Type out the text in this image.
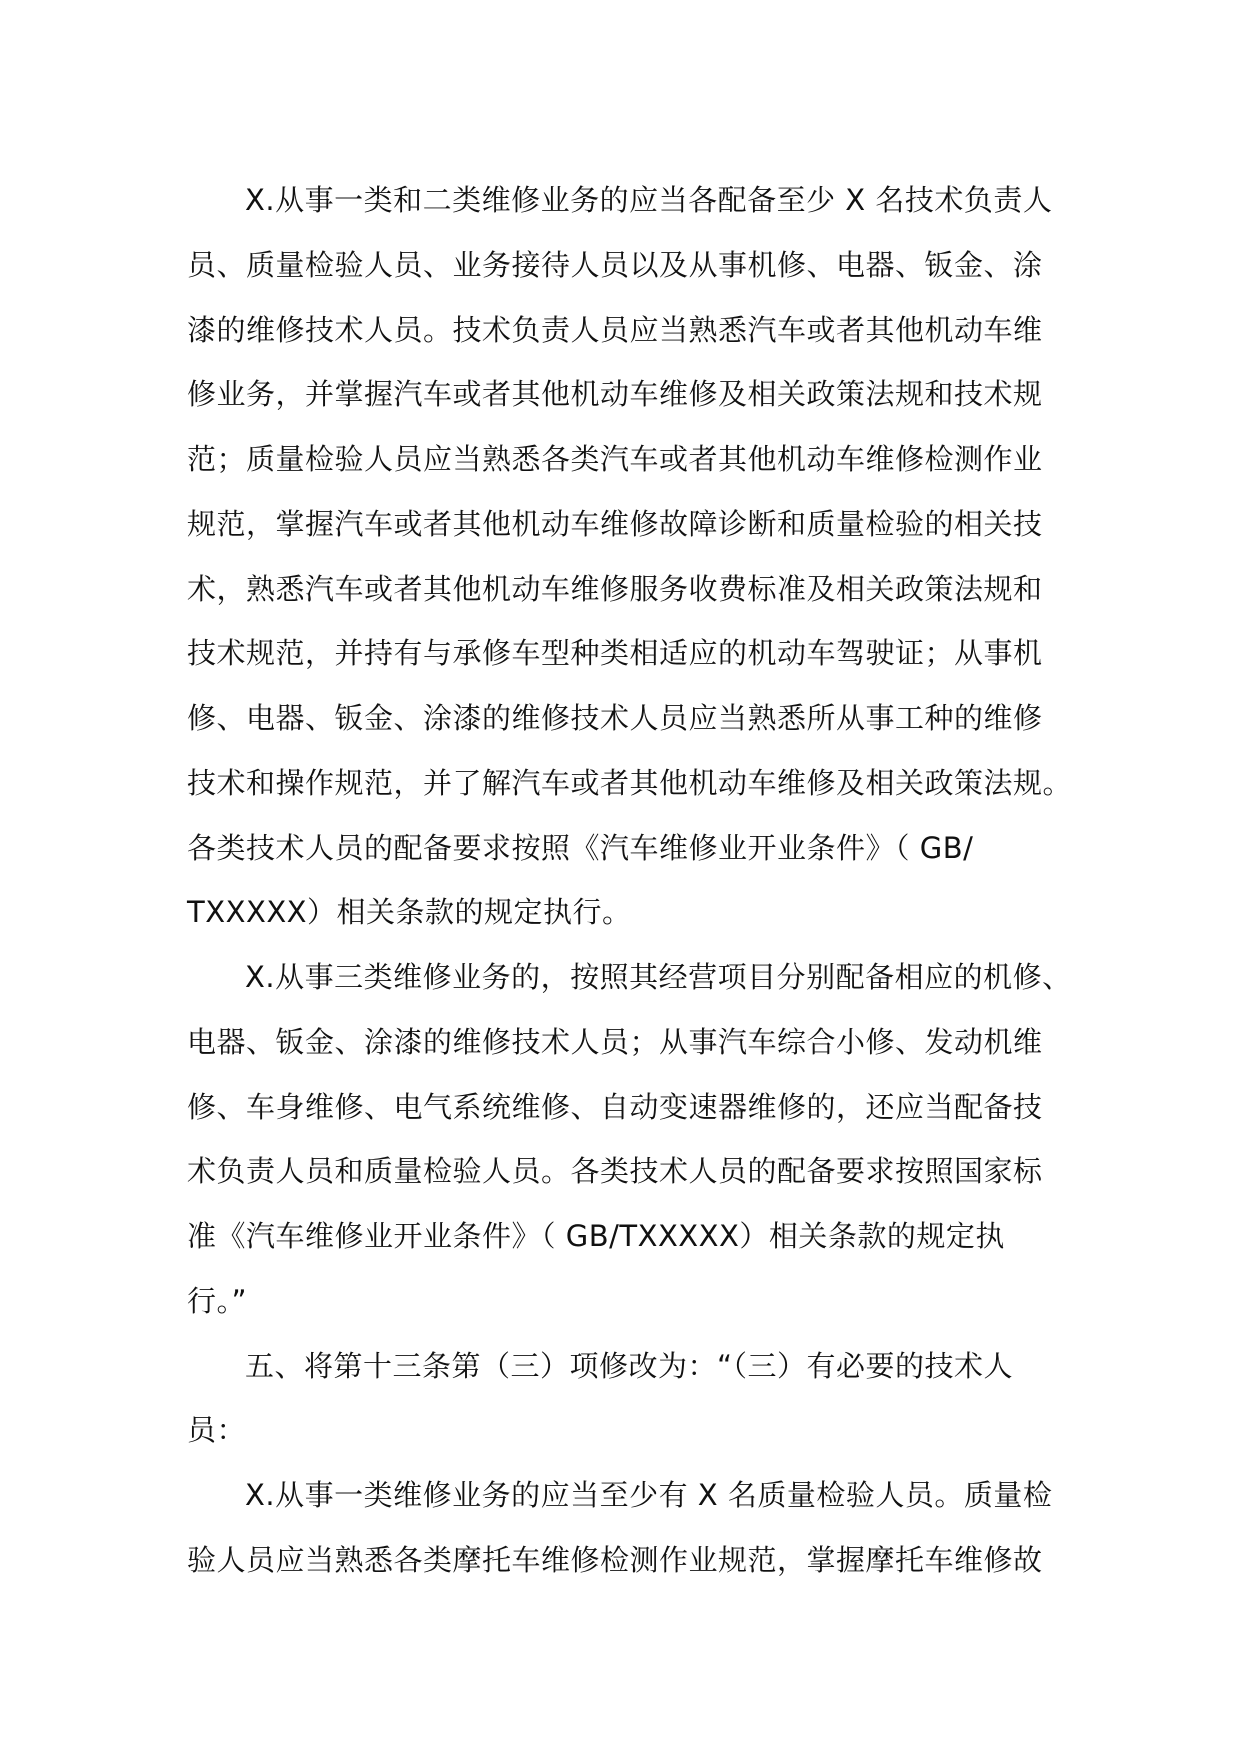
X.从事一类和二类维修业务的应当各配备至少 X 名技术负责人
员、质量检验人员、业务接待人员以及从事机修、电器、钣金、涂
漆的维修技术人员。技术负责人员应当熟悉汽车或者其他机动车维
修业务，并掌握汽车或者其他机动车维修及相关政策法规和技术规
范；质量检验人员应当熟悉各类汽车或者其他机动车维修检测作业
规范，掌握汽车或者其他机动车维修故障诊断和质量检验的相关技
术，熟悉汽车或者其他机动车维修服务收费标准及相关政策法规和
技术规范，并持有与承修车型种类相适应的机动车驾驶证；从事机
修、电器、钣金、涂漆的维修技术人员应当熟悉所从事工种的维修
技术和操作规范，并了解汽车或者其他机动车维修及相关政策法规。
各类技术人员的配备要求按照《汽车维修业开业条件》（ GB/
TXXXXX）相关条款的规定执行。
X.从事三类维修业务的，按照其经营项目分别配备相应的机修、
电器、钣金、涂漆的维修技术人员；从事汽车综合小修、发动机维
修、车身维修、电气系统维修、自动变速器维修的，还应当配备技
术负责人员和质量检验人员。各类技术人员的配备要求按照国家标
准《汽车维修业开业条件》（ GB/TXXXXX）相关条款的规定执
行。”
五、将第十三条第（三）项修改为：“（三）有必要的技术人
员：
X.从事一类维修业务的应当至少有 X 名质量检验人员。质量检
验人员应当熟悉各类摩托车维修检测作业规范，掌握摩托车维修故
